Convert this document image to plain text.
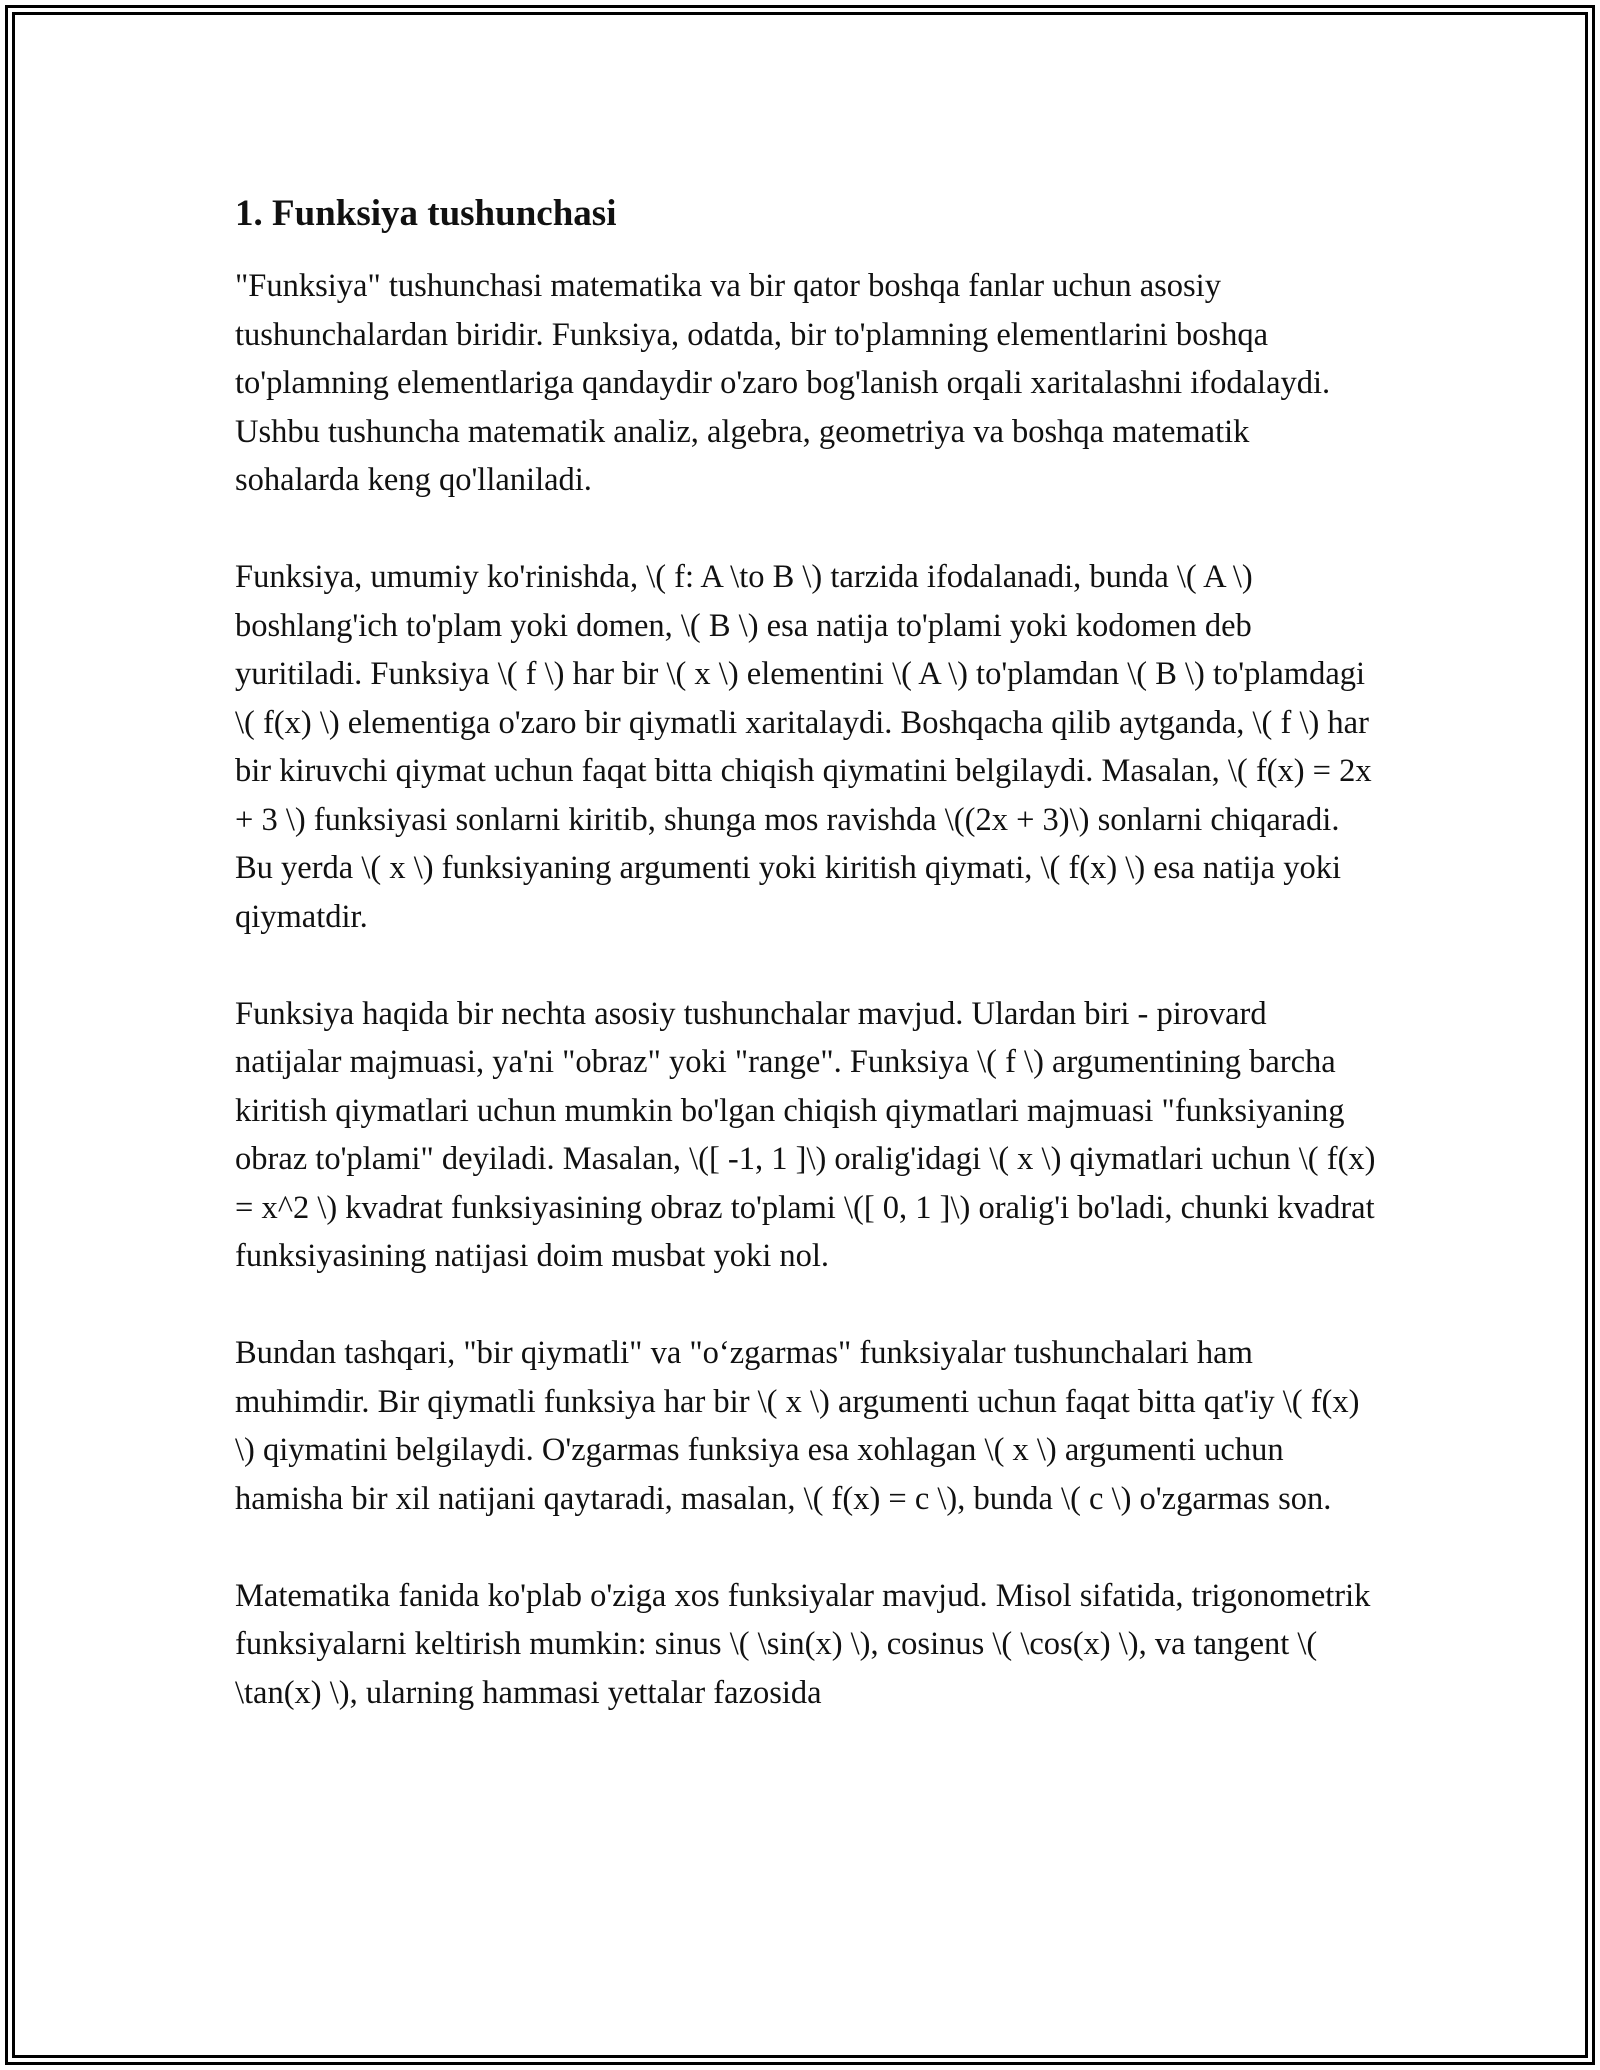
1. Funksiya tushunchasi

"Funksiya" tushunchasi matematika va bir qator boshqa fanlar uchun asosiy tushunchalardan biridir. Funksiya, odatda, bir to'plamning elementlarini boshqa to'plamning elementlariga qandaydir o'zaro bog'lanish orqali xaritalashni ifodalaydi. Ushbu tushuncha matematik analiz, algebra, geometriya va boshqa matematik sohalarda keng qo'llaniladi.

Funksiya, umumiy ko'rinishda, \( f: A \to B \) tarzida ifodalanadi, bunda \( A \) boshlang'ich to'plam yoki domen, \( B \) esa natija to'plami yoki kodomen deb yuritiladi. Funksiya \( f \) har bir \( x \) elementini \( A \) to'plamdan \( B \) to'plamdagi \( f(x) \) elementiga o'zaro bir qiymatli xaritalaydi. Boshqacha qilib aytganda, \( f \) har bir kiruvchi qiymat uchun faqat bitta chiqish qiymatini belgilaydi. Masalan, \( f(x) = 2x + 3 \) funksiyasi sonlarni kiritib, shunga mos ravishda \((2x + 3)\) sonlarni chiqaradi. Bu yerda \( x \) funksiyaning argumenti yoki kiritish qiymati, \( f(x) \) esa natija yoki qiymatdir.

Funksiya haqida bir nechta asosiy tushunchalar mavjud. Ulardan biri - pirovard natijalar majmuasi, ya'ni "obraz" yoki "range". Funksiya \( f \) argumentining barcha kiritish qiymatlari uchun mumkin bo'lgan chiqish qiymatlari majmuasi "funksiyaning obraz to'plami" deyiladi. Masalan, \([ -1, 1 ]\) oralig'idagi \( x \) qiymatlari uchun \( f(x) = x^2 \) kvadrat funksiyasining obraz to'plami \([ 0, 1 ]\) oralig'i bo'ladi, chunki kvadrat funksiyasining natijasi doim musbat yoki nol.

Bundan tashqari, "bir qiymatli" va "o‘zgarmas" funksiyalar tushunchalari ham muhimdir. Bir qiymatli funksiya har bir \( x \) argumenti uchun faqat bitta qat'iy \( f(x) \) qiymatini belgilaydi. O'zgarmas funksiya esa xohlagan \( x \) argumenti uchun hamisha bir xil natijani qaytaradi, masalan, \( f(x) = c \), bunda \( c \) o'zgarmas son.

Matematika fanida ko'plab o'ziga xos funksiyalar mavjud. Misol sifatida, trigonometrik funksiyalarni keltirish mumkin: sinus \( \sin(x) \), cosinus \( \cos(x) \), va tangent \( \tan(x) \), ularning hammasi yettalar fazosida
